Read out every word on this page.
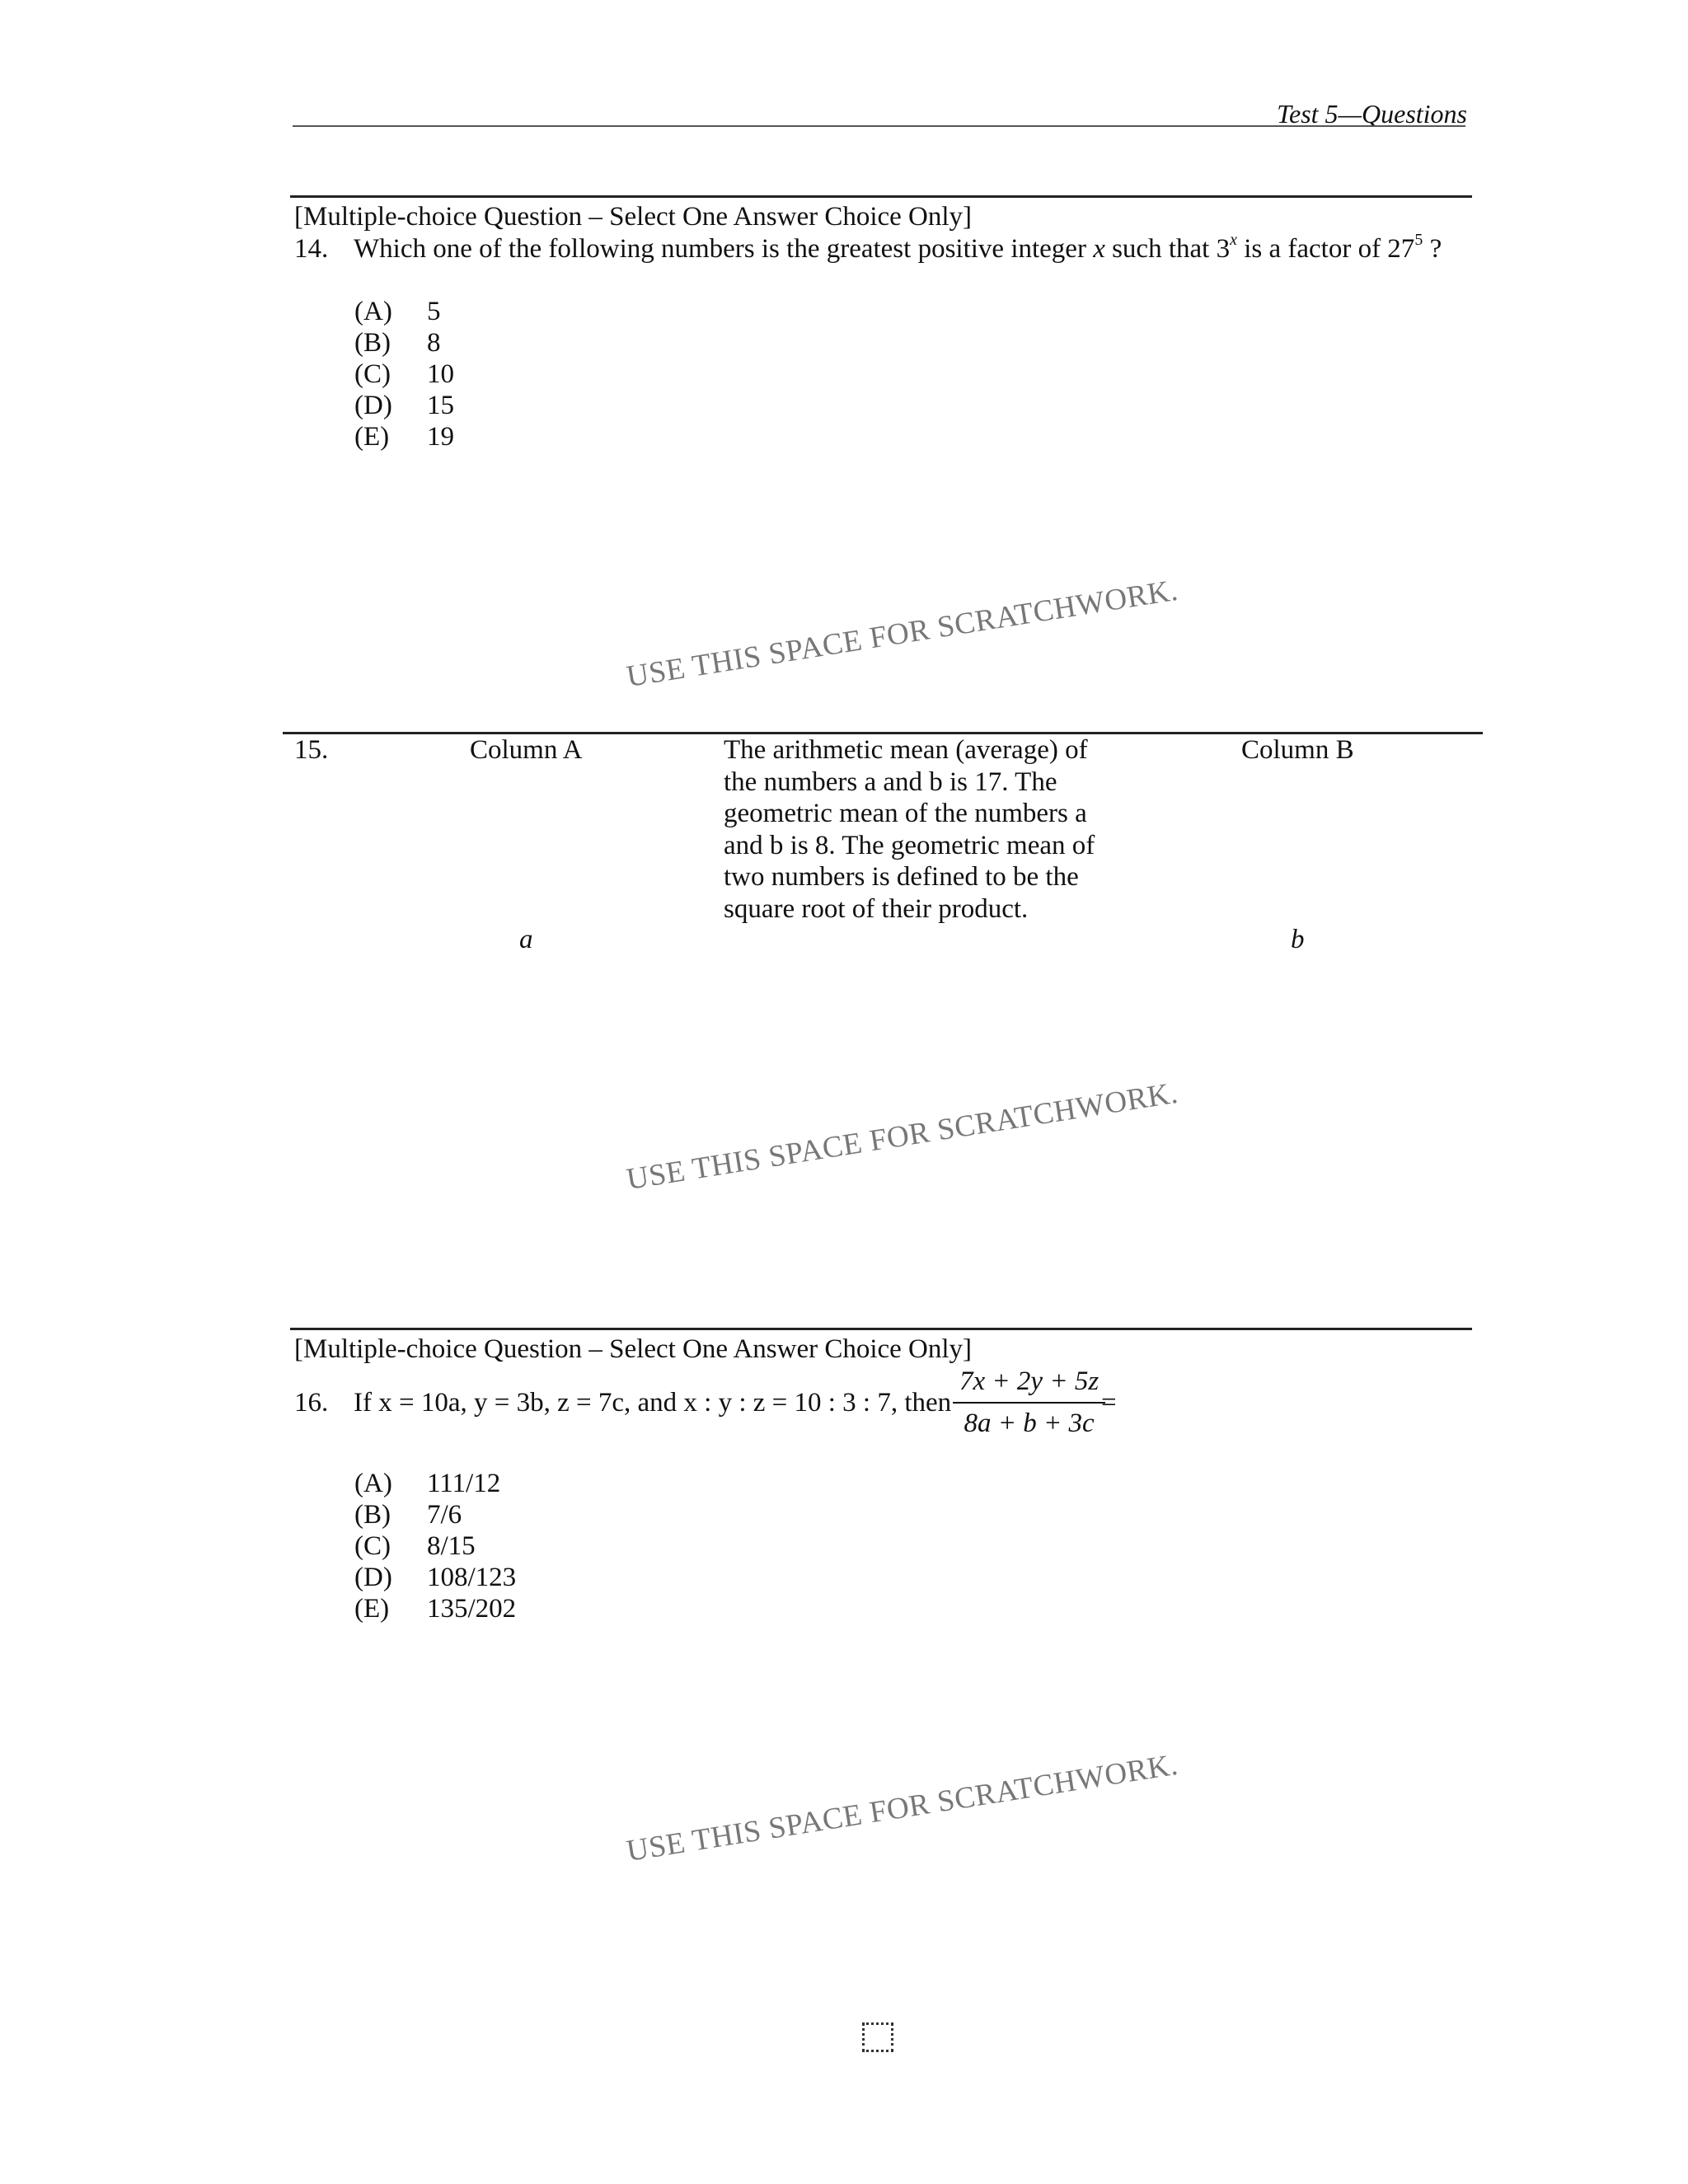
Test 5—Questions
[Multiple-choice Question – Select One Answer Choice Only]
14. Which one of the following numbers is the greatest positive integer x such that 3$^x$ is a factor of $27^5$ ?
(A) 5
(B) 8
(C) 10
(D) 15
(E) 19
USE THIS SPACE FOR SCRATCHWORK.
15.	Column A	Column B
The arithmetic mean (average) of
the numbers a and b is 17. The
geometric mean of the numbers a
and b is 8. The geometric mean of
two numbers is defined to be the
square root of their product.
a	b
USE THIS SPACE FOR SCRATCHWORK.
[Multiple-choice Question – Select One Answer Choice Only]
16. If x = 10a, y = 3b, z = 7c, and x : y : z = 10 : 3 : 7, then $\frac{7x + 2y + 5z}{8a + b + 3c}$
=
(A) 111/12
(B) 7/6
(C) 8/15
(D) 108/123
(E) 135/202
USE THIS SPACE FOR SCRATCHWORK.
